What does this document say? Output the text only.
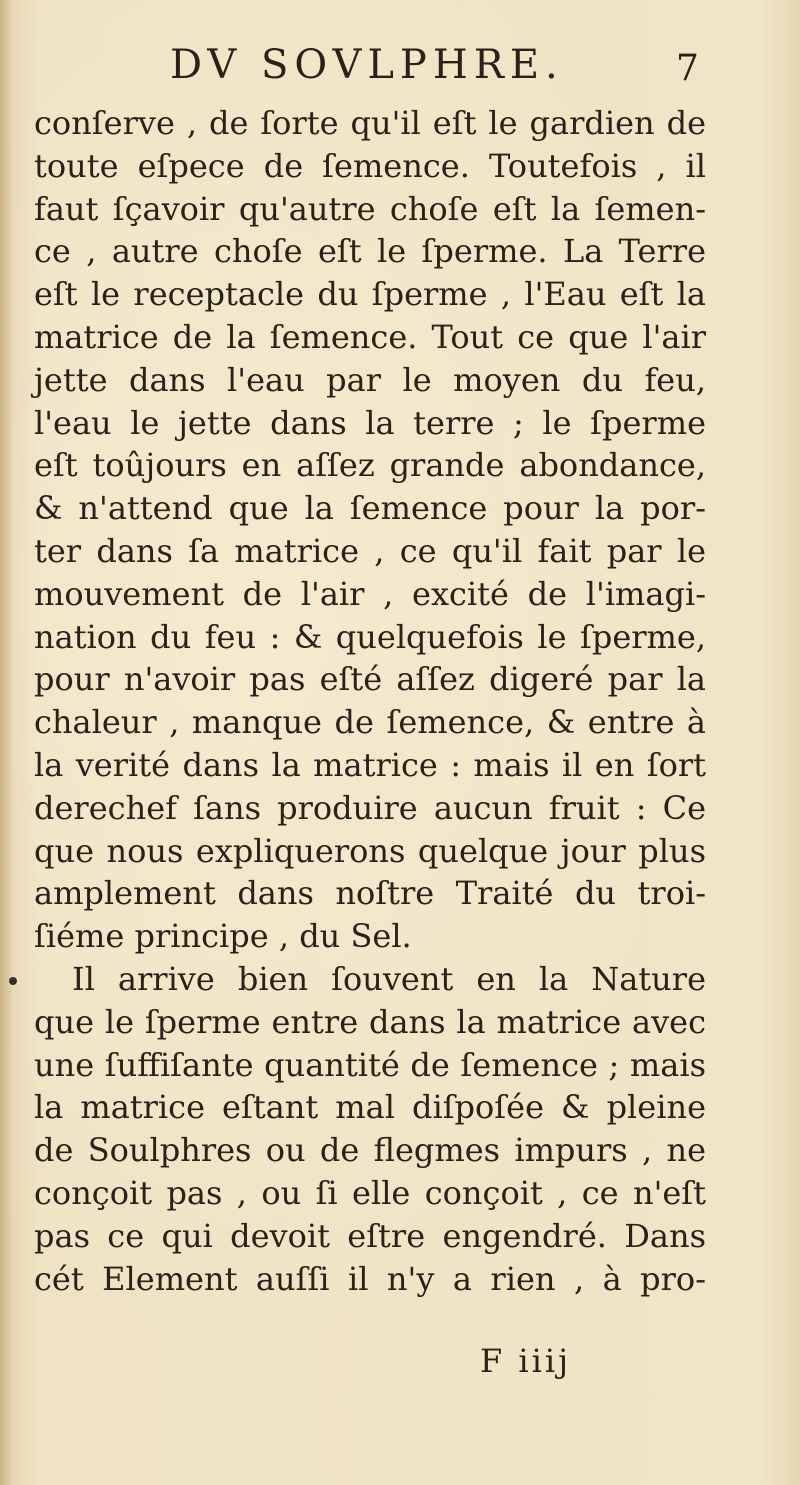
DV SOVLPHRE.	7
conſerve , de ſorte qu'il eſt le gardien de
toute eſpece de ſemence. Toutefois , il
faut ſçavoir qu'autre choſe eſt la ſemen-
ce , autre choſe eſt le ſperme. La Terre
eſt le receptacle du ſperme , l'Eau eſt la
matrice de la ſemence. Tout ce que l'air
jette dans l'eau par le moyen du feu,
l'eau le jette dans la terre ; le ſperme
eſt toûjours en aſſez grande abondance,
& n'attend que la ſemence pour la por-
ter dans ſa matrice , ce qu'il fait par le
mouvement de l'air , excité de l'imagi-
nation du feu : & quelquefois le ſperme,
pour n'avoir pas eſté aſſez digeré par la
chaleur , manque de ſemence, & entre à
la verité dans la matrice : mais il en ſort
derechef ſans produire aucun fruit : Ce
que nous expliquerons quelque jour plus
amplement dans noſtre Traité du troi-
ſiéme principe , du Sel.
Il arrive bien ſouvent en la Nature
que le ſperme entre dans la matrice avec
une ſuffiſante quantité de ſemence ; mais
la matrice eſtant mal diſpoſée & pleine
de Soulphres ou de flegmes impurs , ne
conçoit pas , ou ſi elle conçoit , ce n'eſt
pas ce qui devoit eſtre engendré. Dans
cét Element auſſi il n'y a rien , à pro-
F iiij
